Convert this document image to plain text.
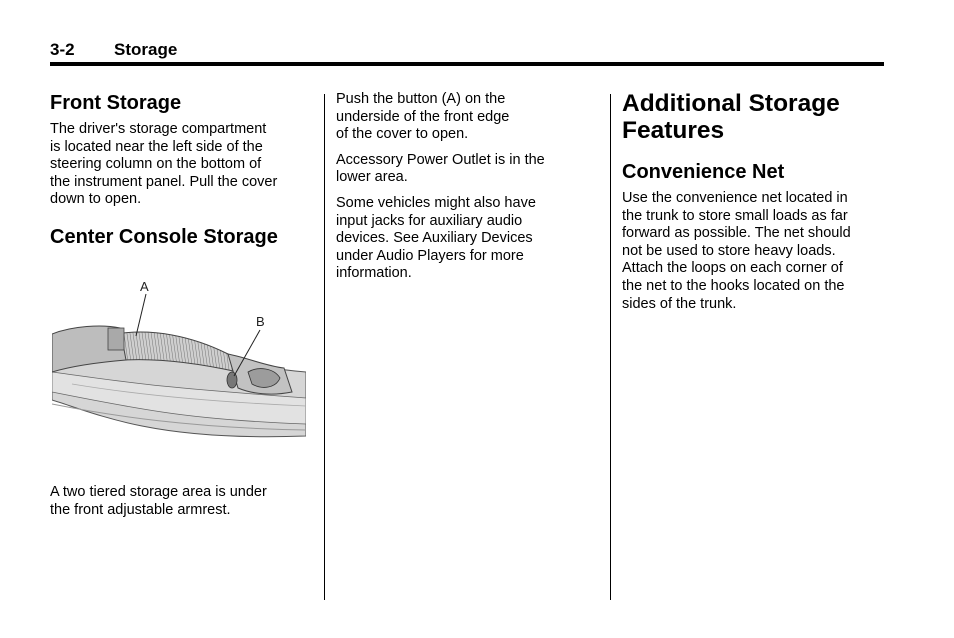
3-2 Storage
Front Storage
The driver's storage compartment
is located near the left side of the
steering column on the bottom of
the instrument panel. Pull the cover
down to open.
Center Console Storage
A
B
A two tiered storage area is under
the front adjustable armrest.

Push the button (A) on the
underside of the front edge
of the cover to open.

Accessory Power Outlet is in the
lower area.

Some vehicles might also have
input jacks for auxiliary audio
devices. See Auxiliary Devices
under Audio Players for more
information.

Additional Storage
Features
Convenience Net
Use the convenience net located in
the trunk to store small loads as far
forward as possible. The net should
not be used to store heavy loads.
Attach the loops on each corner of
the net to the hooks located on the
sides of the trunk.
